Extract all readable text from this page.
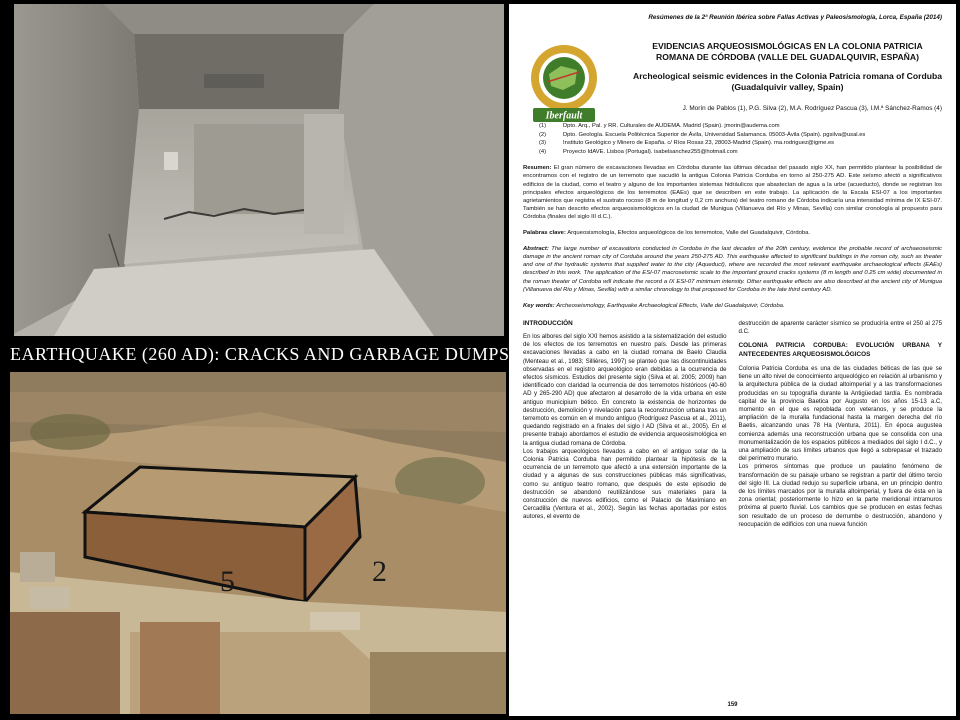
EARTHQUAKE (260 AD): CRACKS AND GARBAGE DUMPS
5	2
Iberfault
Resúmenes de la 2ª Reunión Ibérica sobre Fallas Activas y Paleosismología, Lorca, España (2014)
EVIDENCIAS ARQUEOSISMOLÓGICAS EN LA COLONIA PATRICIA ROMANA DE CÓRDOBA (VALLE DEL GUADALQUIVIR, ESPAÑA)
Archeological seismic evidences in the Colonia Patricia romana of Corduba (Guadalquivir valley, Spain)
J. Morín de Pablos (1), P.G. Silva (2), M.A. Rodríguez Pascua (3), I.M.ª Sánchez-Ramos (4)
(1)	Dpto. Arq., Pal. y RR. Culturales de AUDEMA. Madrid (Spain). jmorin@audema.com
(2)	Dpto. Geología. Escuela Politécnica Superior de Ávila, Universidad Salamanca. 05003-Ávila (Spain). pgsilva@usal.es
(3)	Instituto Geológico y Minero de España. c/ Ríos Rosas 23, 28003-Madrid (Spain). ma.rodriguez@igme.es
(4)	Proyecto IdAVE. Lisboa (Portugal). isabelsanchez255@hotmail.com
Resumen: El gran número de excavaciones llevadas en Córdoba durante las últimas décadas del pasado siglo XX, han permitido plantear la posibilidad de encontramos con el registro de un terremoto que sacudió la antigua Colonia Patricia Corduba en torno al 250-275 AD. Este seísmo afectó a significativos edificios de la ciudad, como el teatro y alguno de los importantes sistemas hidráulicos que abastecían de agua a la urbe (acueducto), donde se registran los principales efectos arqueológicos de los terremotos (EAEs) que se describen en este trabajo. La aplicación de la Escala ESI-07 a los importantes agrietamientos que registra el sustrato rocoso (8 m de longitud y 0,2 cm anchura) del teatro romano de Córdoba indicaría una intensidad mínima de IX ESI-07. También se han descrito efectos arqueosismológicos en la ciudad de Munigua (Villanueva del Río y Minas, Sevilla) con similar cronología al propuesto para Córdoba (finales del siglo III d.C.).
Palabras clave: Arqueosismología, Efectos arqueológicos de los terremotos, Valle del Guadalquivir, Córdoba.
Abstract: The large number of excavations conducted in Cordoba in the last decades of the 20th century, evidence the probable record of archaeoseismic damage in the ancient roman city of Corduba around the years 250-275 AD. This earthquake affected to significant buildings in the roman city, such as theater and one of the hydraulic systems that supplied water to the city (Aqueduct), where are recorded the most relevant earthquake archaeological effects (EAEs) described in this work. The application of the ESI-07 macroseismic scale to the important ground cracks systems (8 m length and 0.25 cm wide) documented in the roman theater of Cordoba will indicate the record a IX ESI-07 minimum intensity. Other earthquake effects are also described at the ancient city of Munigua (Villanueva del Rio y Minas, Sevilla) with a similar chronology to that proposed for Cordoba in the late third century AD.
Key words: Archeoseismology, Earthquake Archaeological Effects, Valle del Guadalquivir, Córdoba.
INTRODUCCIÓN

En los albores del siglo XXI hemos asistido a la sistematización del estudio de los efectos de los terremotos en nuestro país. Desde las primeras excavaciones llevadas a cabo en la ciudad romana de Baelo Claudia (Menteau et al., 1983; Sillières, 1997) se planteó que las discontinuidades observadas en el registro arqueológico eran debidas a la ocurrencia de efectos sísmicos. Estudios del presente siglo (Silva et al. 2005; 2009) han identificado con claridad la ocurrencia de dos terremotos históricos (40-60 AD y 265-290 AD) que afectaron al desarrollo de la vida urbana en este antiguo municipium bético. En concreto la existencia de horizontes de destrucción, demolición y nivelación para la reconstrucción urbana tras un terremoto es común en el mundo antiguo (Rodríguez Pascua et al., 2011), quedando registrado en a finales del siglo I AD (Silva et al., 2005). En el presente trabajo abordamos el estudio de evidencia arqueosismológica en la antigua ciudad romana de Córdoba.

Los trabajos arqueológicos llevados a cabo en el antiguo solar de la Colonia Patricia Corduba han permitido plantear la hipótesis de la ocurrencia de un terremoto que afectó a una extensión importante de la ciudad y a algunas de sus construcciones públicas más significativas, como su antiguo teatro romano, que después de este episodio de destrucción se abandonó reutilizándose sus materiales para la construcción de nuevos edificios, como el Palacio de Maximiano en Cercadilla (Ventura et al., 2002). Según las fechas aportadas por estos autores, el evento de

destrucción de aparente carácter sísmico se produciría entre el 250 al 275 d.C.

COLONIA PATRICIA CORDUBA: EVOLUCIÓN URBANA Y ANTECEDENTES ARQUEOSISMOLÓGICOS

Colonia Patricia Corduba es una de las ciudades béticas de las que se tiene un alto nivel de conocimiento arqueológico en relación al urbanismo y la arquitectura pública de la ciudad altoimperial y a las transformaciones producidas en su topografía durante la Antigüedad tardía. Es nombrada capital de la provincia Baetica por Augusto en los años 15-13 a.C, momento en el que es repoblada con veteranos, y se produce la ampliación de la muralla fundacional hasta la margen derecha del río Baetis, alcanzando unas 78 Ha (Ventura, 2011). En época augustea comienza además una reconstrucción urbana que se consolida con una monumentalización de los espacios públicos a mediados del siglo I d.C., y una ampliación de sus límites urbanos que llegó a sobrepasar el trazado del perímetro murario.

Los primeros síntomas que produce un paulatino fenómeno de transformación de su paisaje urbano se registran a partir del último tercio del siglo III. La ciudad redujo su superficie urbana, en un principio dentro de los límites marcados por la muralla altoimperial, y fuera de ésta en la zona oriental; posteriormente lo hizo en la parte meridional intramuros próxima al puerto fluvial. Los cambios que se producen en estas fechas son resultado de un proceso de derrumbe o destrucción, abandono y reocupación de edificios con una nueva función

159
